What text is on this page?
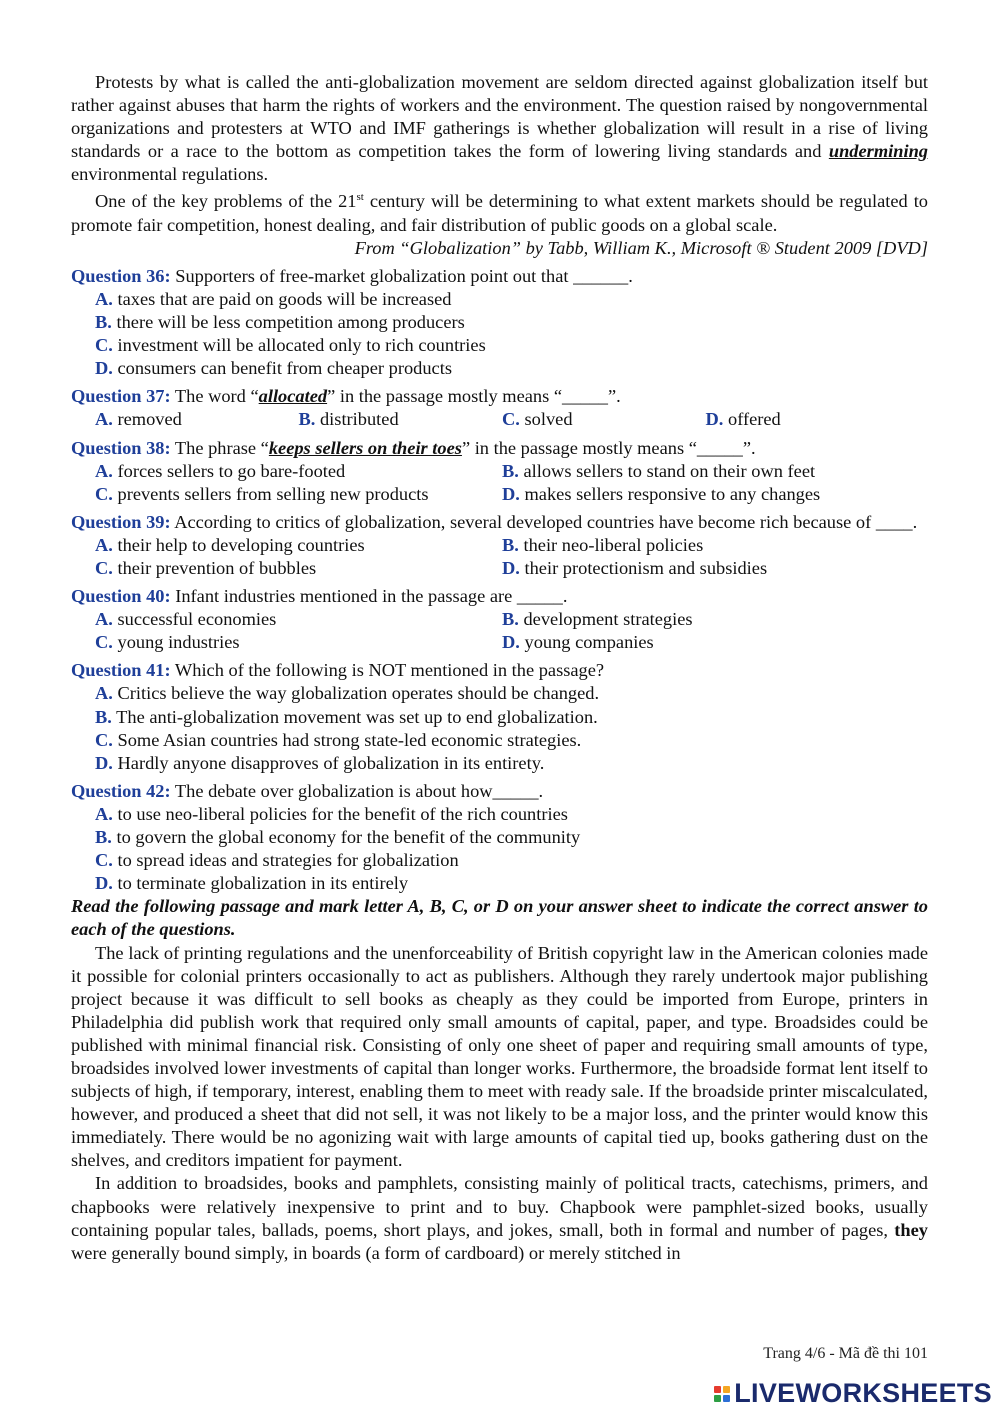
Protests by what is called the anti-globalization movement are seldom directed against globalization itself but rather against abuses that harm the rights of workers and the environment. The question raised by nongovernmental organizations and protesters at WTO and IMF gatherings is whether globalization will result in a rise of living standards or a race to the bottom as competition takes the form of lowering living standards and undermining environmental regulations.

One of the key problems of the 21st century will be determining to what extent markets should be regulated to promote fair competition, honest dealing, and fair distribution of public goods on a global scale.

From “Globalization” by Tabb, William K., Microsoft ® Student 2009 [DVD]

Question 36: Supporters of free-market globalization point out that ______.

A. taxes that are paid on goods will be increased

B. there will be less competition among producers

C. investment will be allocated only to rich countries

D. consumers can benefit from cheaper products

Question 37: The word “allocated” in the passage mostly means “_____”.

A. removed	B. distributed	C. solved	D. offered

Question 38: The phrase “keeps sellers on their toes” in the passage mostly means “_____”.

A. forces sellers to go bare-footed	B. allows sellers to stand on their own feet
C. prevents sellers from selling new products	D. makes sellers responsive to any changes

Question 39: According to critics of globalization, several developed countries have become rich because of ____.

A. their help to developing countries	B. their neo-liberal policies
C. their prevention of bubbles	D. their protectionism and subsidies

Question 40: Infant industries mentioned in the passage are _____.

A. successful economies	B. development strategies
C. young industries	D. young companies

Question 41: Which of the following is NOT mentioned in the passage?

A. Critics believe the way globalization operates should be changed.

B. The anti-globalization movement was set up to end globalization.

C. Some Asian countries had strong state-led economic strategies.

D. Hardly anyone disapproves of globalization in its entirety.

Question 42: The debate over globalization is about how_____.

A. to use neo-liberal policies for the benefit of the rich countries

B. to govern the global economy for the benefit of the community

C. to spread ideas and strategies for globalization

D. to terminate globalization in its entirely

Read the following passage and mark letter A, B, C, or D on your answer sheet to indicate the correct answer to each of the questions.

The lack of printing regulations and the unenforceability of British copyright law in the American colonies made it possible for colonial printers occasionally to act as publishers. Although they rarely undertook major publishing project because it was difficult to sell books as cheaply as they could be imported from Europe, printers in Philadelphia did publish work that required only small amounts of capital, paper, and type. Broadsides could be published with minimal financial risk. Consisting of only one sheet of paper and requiring small amounts of type, broadsides involved lower investments of capital than longer works. Furthermore, the broadside format lent itself to subjects of high, if temporary, interest, enabling them to meet with ready sale. If the broadside printer miscalculated, however, and produced a sheet that did not sell, it was not likely to be a major loss, and the printer would know this immediately. There would be no agonizing wait with large amounts of capital tied up, books gathering dust on the shelves, and creditors impatient for payment.

In addition to broadsides, books and pamphlets, consisting mainly of political tracts, catechisms, primers, and chapbooks were relatively inexpensive to print and to buy. Chapbook were pamphlet-sized books, usually containing popular tales, ballads, poems, short plays, and jokes, small, both in formal and number of pages, they were generally bound simply, in boards (a form of cardboard) or merely stitched in

Trang 4/6 - Mã đề thi 101
LIVEWORKSHEETS
